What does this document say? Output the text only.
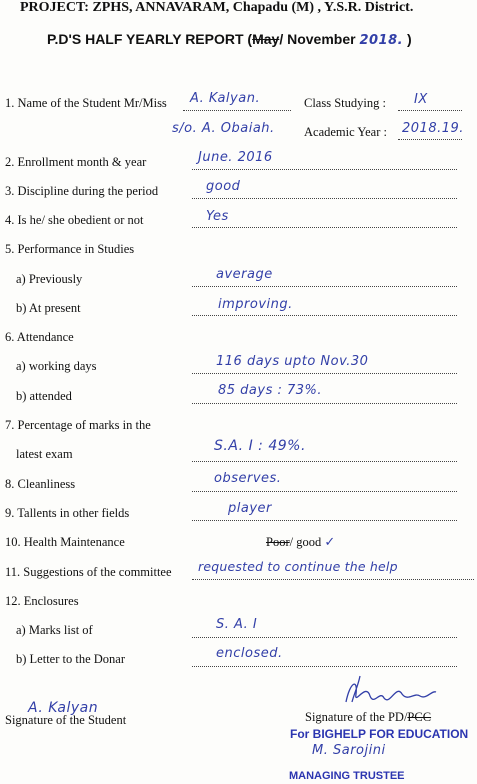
PROJECT: ZPHS, ANNAVARAM, Chapadu (M) , Y.S.R. District.
P.D'S HALF YEARLY REPORT (May/ November 2018. )
1. Name of the Student Mr/Miss A. Kalyan.	Class Studying : IX
s/o. A. Obaiah. Academic Year : 2018.19.
2. Enrollment month & year	June. 2016
3. Discipline during the period	good
4. Is he/ she obedient or not	Yes
5. Performance in Studies
a) Previously	average
b) At present	improving.
6. Attendance
a) working days	116 days upto Nov.30
b) attended	85 days : 73%.
7. Percentage of marks in the
latest exam	S.A. I : 49%.
8. Cleanliness	observes.
9. Tallents in other fields	player
10. Health Maintenance	Poor/ good ✓
11. Suggestions of the committee requested to continue the help
12. Enclosures
a) Marks list of	S. A. I
b) Letter to the Donar	enclosed.
A. Kalyan
Signature of the Student	Signature of the PD/PCC
For BIGHELP FOR EDUCATION
M. Sarojini
MANAGING TRUSTEE
